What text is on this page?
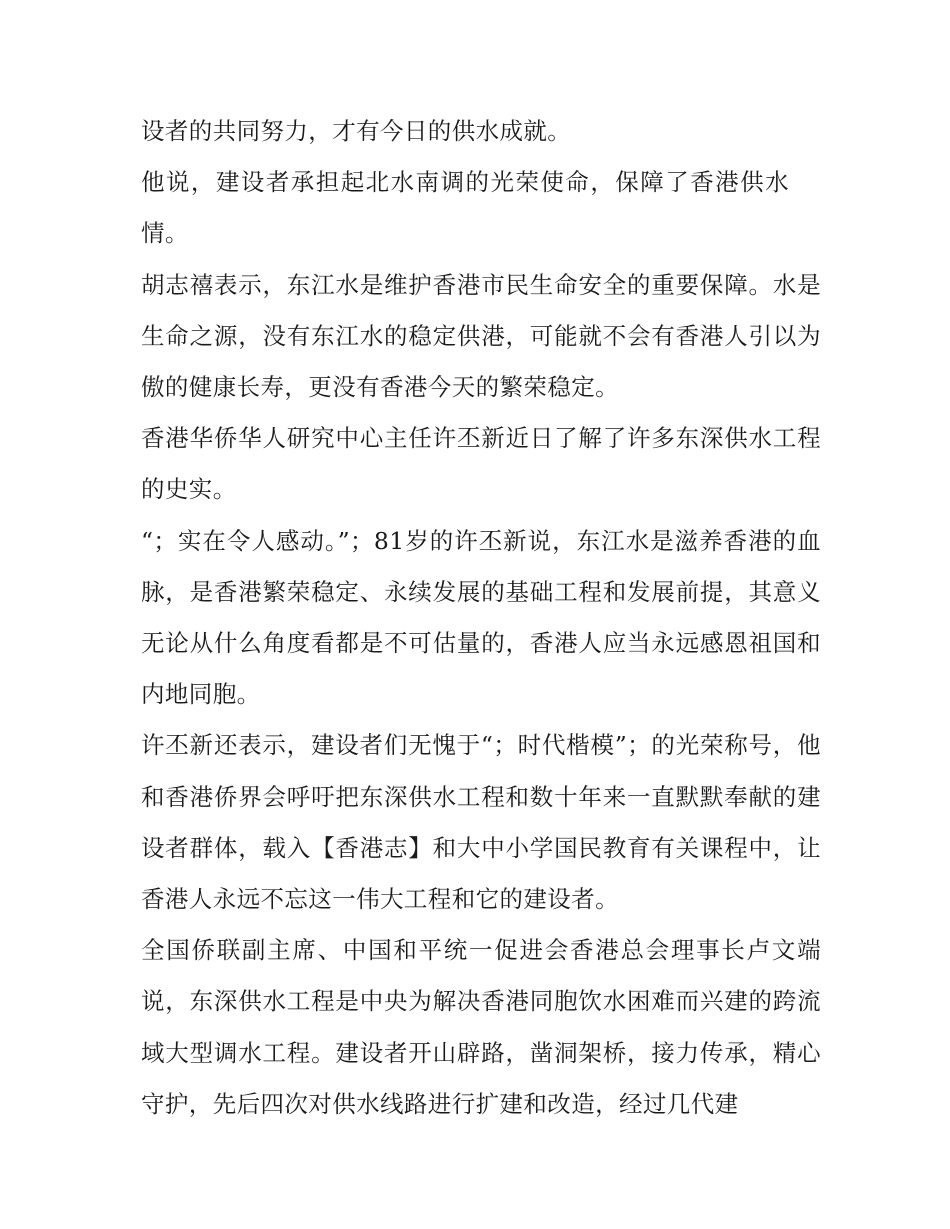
设者的共同努力，才有今日的供水成就。

他说，建设者承担起北水南调的光荣使命，保障了香港供水情。

胡志禧表示，东江水是维护香港市民生命安全的重要保障。水是生命之源，没有东江水的稳定供港，可能就不会有香港人引以为傲的健康长寿，更没有香港今天的繁荣稳定。

香港华侨华人研究中心主任许丕新近日了解了许多东深供水工程的史实。

“；实在令人感动。”；81岁的许丕新说，东江水是滋养香港的血脉，是香港繁荣稳定、永续发展的基础工程和发展前提，其意义无论从什么角度看都是不可估量的，香港人应当永远感恩祖国和内地同胞。

许丕新还表示，建设者们无愧于“；时代楷模”；的光荣称号，他和香港侨界会呼吁把东深供水工程和数十年来一直默默奉献的建设者群体，载入【香港志】和大中小学国民教育有关课程中，让香港人永远不忘这一伟大工程和它的建设者。

全国侨联副主席、中国和平统一促进会香港总会理事长卢文端说，东深供水工程是中央为解决香港同胞饮水困难而兴建的跨流域大型调水工程。建设者开山辟路，凿洞架桥，接力传承，精心守护，先后四次对供水线路进行扩建和改造，经过几代建
